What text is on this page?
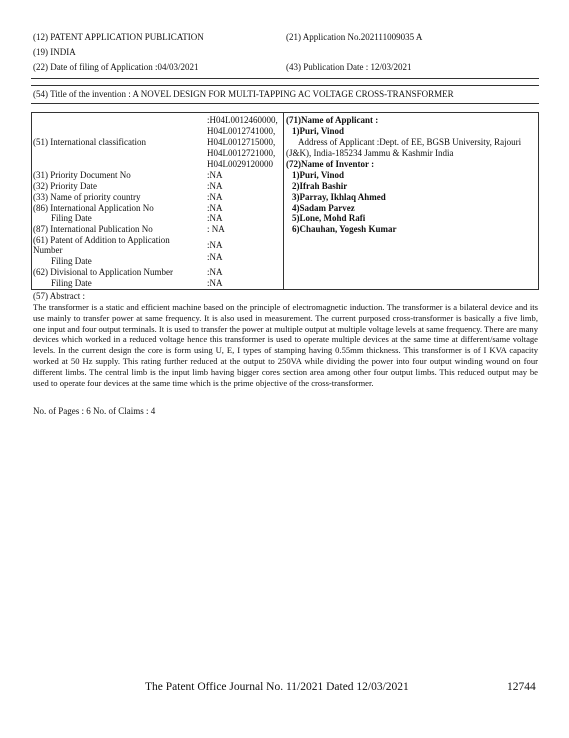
(12) PATENT APPLICATION PUBLICATION	(21) Application No.202111009035 A
(19) INDIA
(22) Date of filing of Application :04/03/2021	(43) Publication Date : 12/03/2021
(54) Title of the invention : A NOVEL DESIGN FOR MULTI-TAPPING AC VOLTAGE CROSS-TRANSFORMER
(51) International classification
:H04L0012460000,
H04L0012741000,
H04L0012715000,
H04L0012721000,
H04L0029120000
(31) Priority Document No	:NA
(32) Priority Date	:NA
(33) Name of priority country	:NA
(86) International Application No	:NA
Filing Date	:NA
(87) International Publication No	: NA
(61) Patent of Addition to Application
Number	:NA
Filing Date	:NA
(62) Divisional to Application Number	:NA
Filing Date	:NA
(71)Name of Applicant :
1)Puri, Vinod
Address of Applicant :Dept. of EE, BGSB University, Rajouri
(J&K), India-185234 Jammu & Kashmir India
(72)Name of Inventor :
1)Puri, Vinod
2)Ifrah Bashir
3)Parray, Ikhlaq Ahmed
4)Sadam Parvez
5)Lone, Mohd Rafi
6)Chauhan, Yogesh Kumar
(57) Abstract :
The transformer is a static and efficient machine based on the principle of electromagnetic induction. The transformer is a bilateral device and its use mainly to transfer power at same frequency. It is also used in measurement. The current purposed cross-transformer is basically a five limb, one input and four output terminals. It is used to transfer the power at multiple output at multiple voltage levels at same frequency. There are many devices which worked in a reduced voltage hence this transformer is used to operate multiple devices at the same time at different/same voltage levels. In the current design the core is form using U, E, I types of stamping having 0.55mm thickness. This transformer is of I KVA capacity worked at 50 Hz supply. This rating further reduced at the output to 250VA while dividing the power into four output winding wound on four different limbs. The central limb is the input limb having bigger cores section area among other four output limbs. This reduced output may be used to operate four devices at the same time which is the prime objective of the cross-transformer.
No. of Pages : 6 No. of Claims : 4
The Patent Office Journal No. 11/2021 Dated 12/03/2021	12744
